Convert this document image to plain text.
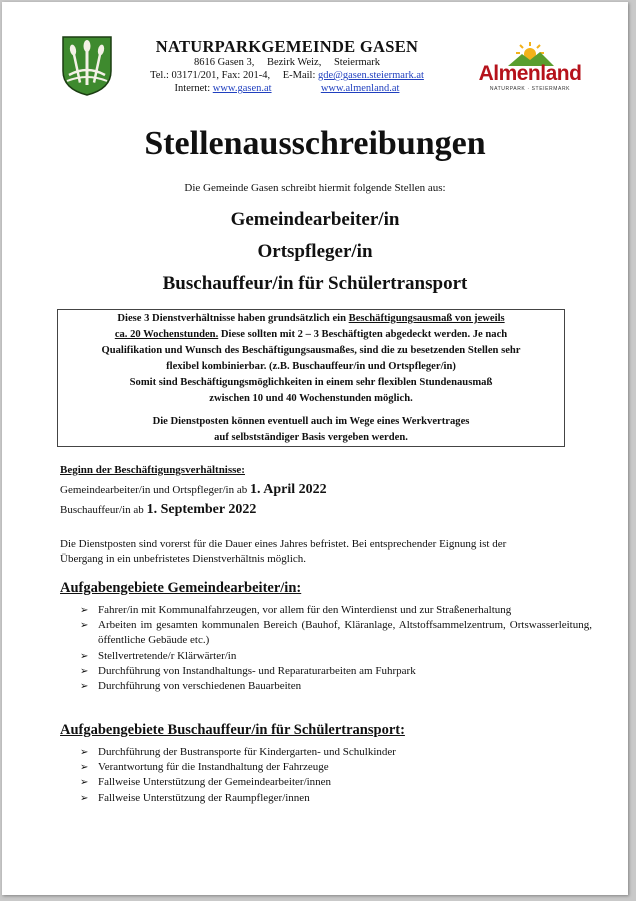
NATURPARKGEMEINDE GASEN
8616 Gasen 3, Bezirk Weiz, Steiermark
Tel.: 03171/201, Fax: 201-4, E-Mail: gde@gasen.steiermark.at
Internet: www.gasen.at	www.almenland.at
Almenland
NATURPARK · STEIERMARK
Stellenausschreibungen
Die Gemeinde Gasen schreibt hiermit folgende Stellen aus:
Gemeindearbeiter/in
Ortspfleger/in
Buschauffeur/in für Schülertransport
Diese 3 Dienstverhältnisse haben grundsätzlich ein Beschäftigungsausmaß von jeweils
ca. 20 Wochenstunden. Diese sollten mit 2 – 3 Beschäftigten abgedeckt werden. Je nach
Qualifikation und Wunsch des Beschäftigungsausmaßes, sind die zu besetzenden Stellen sehr
flexibel kombinierbar. (z.B. Buschauffeur/in und Ortspfleger/in)
Somit sind Beschäftigungsmöglichkeiten in einem sehr flexiblen Stundenausmaß
zwischen 10 und 40 Wochenstunden möglich.
Die Dienstposten können eventuell auch im Wege eines Werkvertrages
auf selbstständiger Basis vergeben werden.
Beginn der Beschäftigungsverhältnisse:
Gemeindearbeiter/in und Ortspfleger/in ab 1. April 2022
Buschauffeur/in ab 1. September 2022
Die Dienstposten sind vorerst für die Dauer eines Jahres befristet. Bei entsprechender Eignung ist der
Übergang in ein unbefristetes Dienstverhältnis möglich.
Aufgabengebiete Gemeindearbeiter/in:
➢ Fahrer/in mit Kommunalfahrzeugen, vor allem für den Winterdienst und zur Straßenerhaltung
➢ Arbeiten im gesamten kommunalen Bereich (Bauhof, Kläranlage, Altstoffsammelzentrum, Ortswasserleitung, öffentliche Gebäude etc.)
➢ Stellvertretende/r Klärwärter/in
➢ Durchführung von Instandhaltungs- und Reparaturarbeiten am Fuhrpark
➢ Durchführung von verschiedenen Bauarbeiten
Aufgabengebiete Buschauffeur/in für Schülertransport:
➢ Durchführung der Bustransporte für Kindergarten- und Schulkinder
➢ Verantwortung für die Instandhaltung der Fahrzeuge
➢ Fallweise Unterstützung der Gemeindearbeiter/innen
➢ Fallweise Unterstützung der Raumpfleger/innen
